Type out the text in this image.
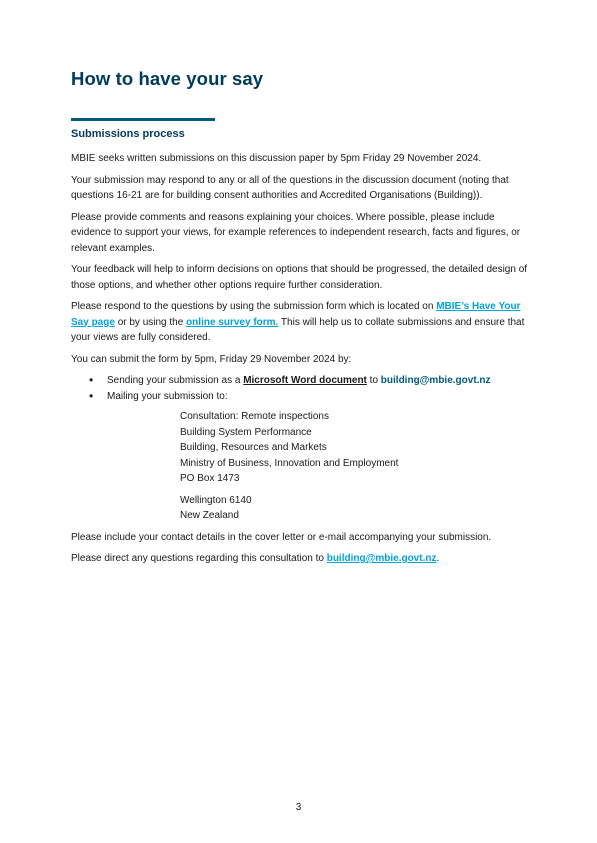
How to have your say
Submissions process

MBIE seeks written submissions on this discussion paper by 5pm Friday 29 November 2024.

Your submission may respond to any or all of the questions in the discussion document (noting that questions 16-21 are for building consent authorities and Accredited Organisations (Building)).

Please provide comments and reasons explaining your choices. Where possible, please include evidence to support your views, for example references to independent research, facts and figures, or relevant examples.

Your feedback will help to inform decisions on options that should be progressed, the detailed design of those options, and whether other options require further consideration.

Please respond to the questions by using the submission form which is located on MBIE’s Have Your Say page or by using the online survey form. This will help us to collate submissions and ensure that your views are fully considered.

You can submit the form by 5pm, Friday 29 November 2024 by:

• Sending your submission as a Microsoft Word document to building@mbie.govt.nz
• Mailing your submission to:
Consultation: Remote inspections
Building System Performance
Building, Resources and Markets
Ministry of Business, Innovation and Employment
PO Box 1473
Wellington 6140
New Zealand

Please include your contact details in the cover letter or e-mail accompanying your submission.

Please direct any questions regarding this consultation to building@mbie.govt.nz.

3
